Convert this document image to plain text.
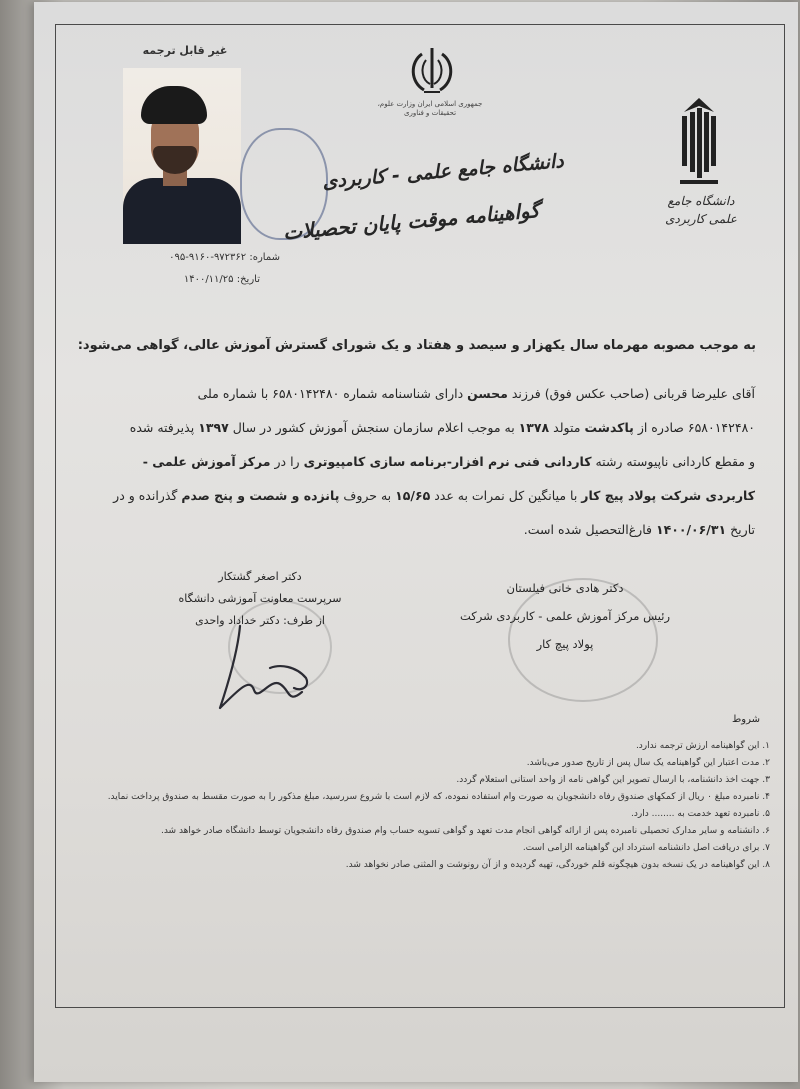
غیر قابل ترجمه
جمهوری اسلامی ایران وزارت علوم، تحقیقات و فناوری
دانشگاه جامع علمی کاربردی
دانشگاه جامع علمی - کاربردی
گواهینامه موقت پایان تحصیلات
شماره: ۹۷۲۳۶۲-۹۱۶۰-۰۹۵
تاریخ: ۱۴۰۰/۱۱/۲۵
به موجب مصوبه مهرماه سال یکهزار و سیصد و هفتاد و یک شورای گسترش آموزش عالی، گواهی می‌شود:
آقای علیرضا قربانی (صاحب عکس فوق) فرزند محسن دارای شناسنامه شماره ۶۵۸۰۱۴۲۴۸۰ با شماره ملی
۶۵۸۰۱۴۲۴۸۰ صادره از پاکدشت متولد ۱۳۷۸ به موجب اعلام سازمان سنجش آموزش کشور در سال ۱۳۹۷ پذیرفته شده
و مقطع کاردانی ناپیوسته رشته کاردانی فنی نرم افزار-برنامه سازی کامپیوتری را در مرکز آموزش علمی -
کاربردی شرکت پولاد پیچ کار با میانگین کل نمرات به عدد ۱۵/۶۵ به حروف پانزده و شصت و پنج صدم گذرانده و در
تاریخ ۱۴۰۰/۰۶/۳۱ فارغ‌التحصیل شده است.
دکتر اصغر گشتکار
سرپرست معاونت آموزشی دانشگاه
از طرف: دکتر خداداد واحدی
دکتر هادی خانی فیلستان
رئیس مرکز آموزش علمی - کاربردی شرکت پولاد پیچ کار
شروط
۱. این گواهینامه ارزش ترجمه ندارد.
۲. مدت اعتبار این گواهینامه یک سال پس از تاریخ صدور می‌باشد.
۳. جهت اخذ دانشنامه، با ارسال تصویر این گواهی نامه از واحد استانی استعلام گردد.
۴. نامبرده مبلغ ۰ ریال از کمکهای صندوق رفاه دانشجویان به صورت وام استفاده نموده، که لازم است با شروع سررسید، مبلغ مذکور را به صورت مقسط به صندوق پرداخت نماید.
۵. نامبرده تعهد خدمت به ........ دارد.
۶. دانشنامه و سایر مدارک تحصیلی نامبرده پس از ارائه گواهی انجام مدت تعهد و گواهی تسویه حساب وام صندوق رفاه دانشجویان توسط دانشگاه صادر خواهد شد.
۷. برای دریافت اصل دانشنامه استرداد این گواهینامه الزامی است.
۸. این گواهینامه در یک نسخه بدون هیچگونه قلم خوردگی، تهیه گردیده و از آن رونوشت و المثنی صادر نخواهد شد.
